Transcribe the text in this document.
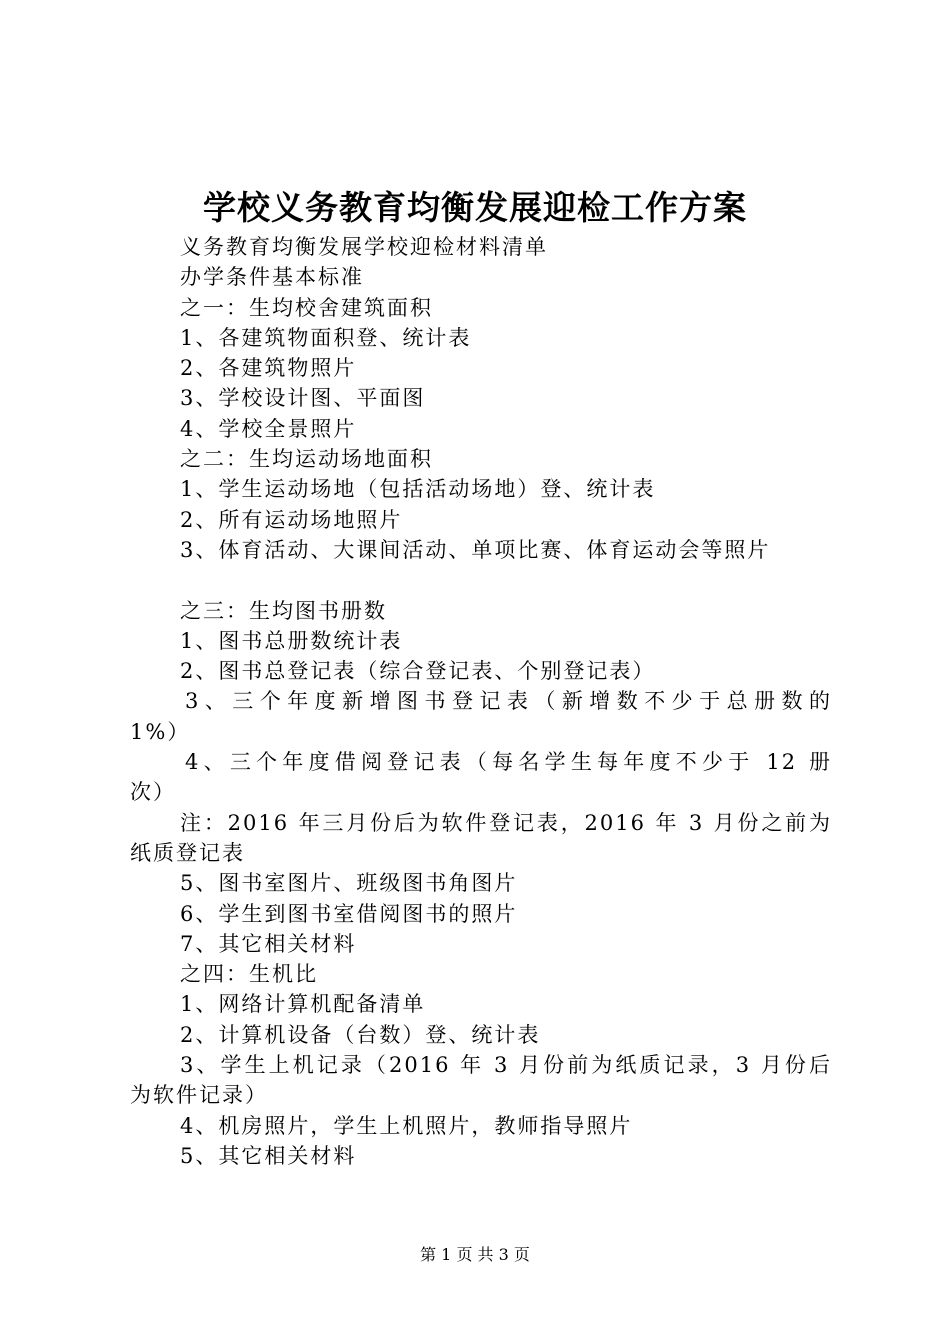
学校义务教育均衡发展迎检工作方案
义务教育均衡发展学校迎检材料清单
办学条件基本标准
之一：生均校舍建筑面积
1、各建筑物面积登、统计表
2、各建筑物照片
3、学校设计图、平面图
4、学校全景照片
之二：生均运动场地面积
1、学生运动场地（包括活动场地）登、统计表
2、所有运动场地照片
3、体育活动、大课间活动、单项比赛、体育运动会等照片
之三：生均图书册数
1、图书总册数统计表
2、图书总登记表（综合登记表、个别登记表）
3、三个年度新增图书登记表（新增数不少于总册数的
1%）
4、三个年度借阅登记表（每名学生每年度不少于 12 册
次）
注：2016 年三月份后为软件登记表，2016 年 3 月份之前为
纸质登记表
5、图书室图片、班级图书角图片
6、学生到图书室借阅图书的照片
7、其它相关材料
之四：生机比
1、网络计算机配备清单
2、计算机设备（台数）登、统计表
3、学生上机记录（2016 年 3 月份前为纸质记录，3 月份后
为软件记录）
4、机房照片，学生上机照片，教师指导照片
5、其它相关材料
第 1 页 共 3 页
